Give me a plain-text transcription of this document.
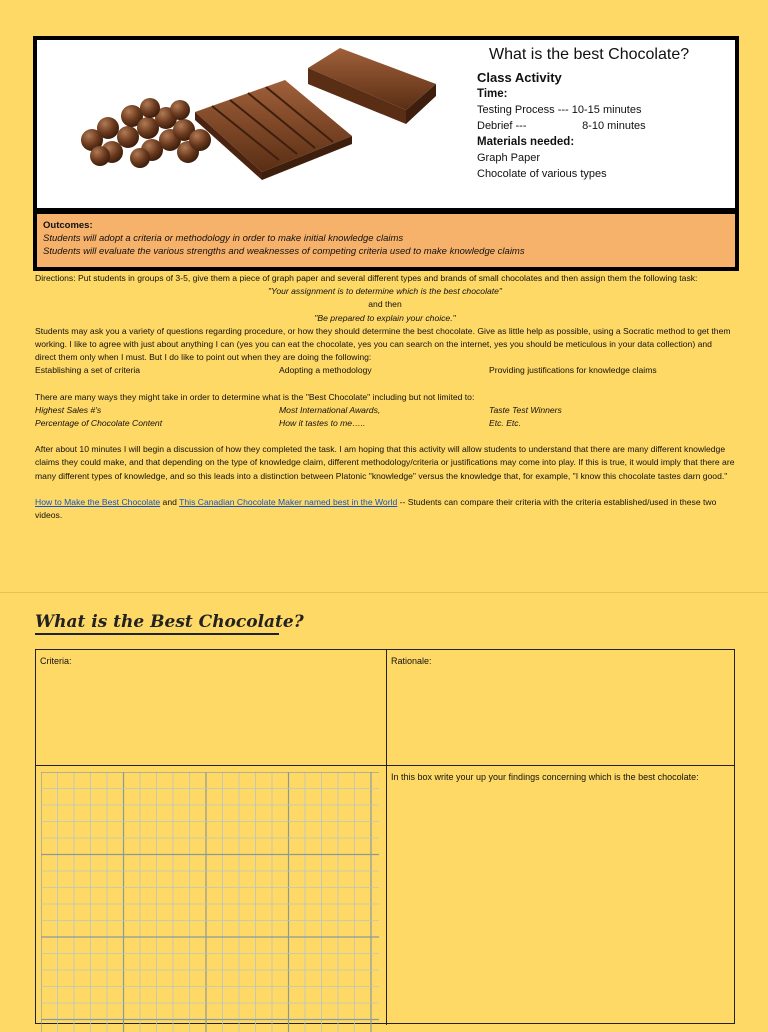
What is the best Chocolate?
Class Activity
Time:
Testing Process --- 10-15 minutes
Debrief ---	8-10 minutes
Materials needed:
Graph Paper
Chocolate of various types
Outcomes:
Students will adopt a criteria or methodology in order to make initial knowledge claims
Students will evaluate the various strengths and weaknesses of competing criteria used to make knowledge claims

Directions: Put students in groups of 3-5, give them a piece of graph paper and several different types and brands of small chocolates and then assign them the following task:

"Your assignment is to determine which is the best chocolate"

and then

"Be prepared to explain your choice."

Students may ask you a variety of questions regarding procedure, or how they should determine the best chocolate. Give as little help as possible, using a Socratic method to get them working. I like to agree with just about anything I can (yes you can eat the chocolate, yes you can search on the internet, yes you should be meticulous in your data collection) and direct them only when I must. But I do like to point out when they are doing the following:

Establishing a set of criteria	Adopting a methodology	Providing justifications for knowledge claims

There are many ways they might take in order to determine what is the "Best Chocolate" including but not limited to:

Highest Sales #'s	Most International Awards,	Taste Test Winners
Percentage of Chocolate Content	How it tastes to me…..	Etc. Etc.

After about 10 minutes I will begin a discussion of how they completed the task. I am hoping that this activity will allow students to understand that there are many different knowledge claims they could make, and that depending on the type of knowledge claim, different methodology/criteria or justifications may come into play. If this is true, it would imply that there are many different types of knowledge, and so this leads into a distinction between Platonic "knowledge" versus the knowledge that, for example, "I know this chocolate tastes darn good."

How to Make the Best Chocolate and This Canadian Chocolate Maker named best in the World -- Students can compare their criteria with the criteria established/used in these two videos.

What is the Best Chocolate?
Criteria:	Rationale:
In this box write your up your findings concerning which is the best chocolate:
